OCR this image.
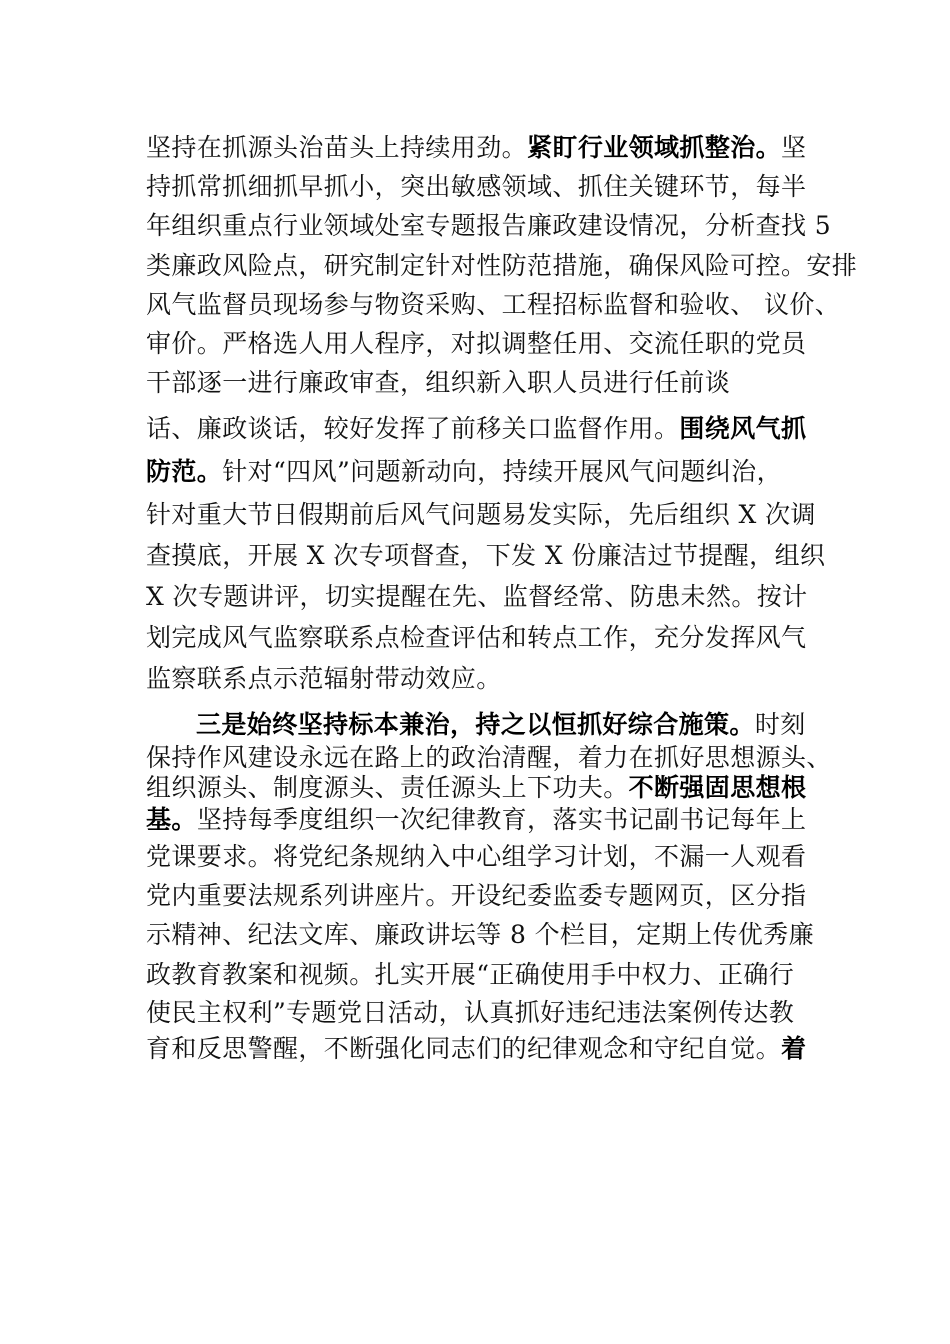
坚持在抓源头治苗头上持续用劲。紧盯行业领域抓整治。坚
持抓常抓细抓早抓小，突出敏感领域、抓住关键环节，每半
年组织重点行业领域处室专题报告廉政建设情况，分析查找 5
类廉政风险点，研究制定针对性防范措施，确保风险可控。安排
风气监督员现场参与物资采购、工程招标监督和验收、 议价、
审价。严格选人用人程序，对拟调整任用、交流任职的党员
干部逐一进行廉政审查，组织新入职人员进行任前谈
话、廉政谈话，较好发挥了前移关口监督作用。围绕风气抓
防范。针对“四风”问题新动向，持续开展风气问题纠治，
针对重大节日假期前后风气问题易发实际，先后组织 X 次调
查摸底，开展 X 次专项督查，下发 X 份廉洁过节提醒，组织
X 次专题讲评，切实提醒在先、监督经常、防患未然。按计
划完成风气监察联系点检查评估和转点工作，充分发挥风气
监察联系点示范辐射带动效应。
三是始终坚持标本兼治，持之以恒抓好综合施策。时刻
保持作风建设永远在路上的政治清醒，着力在抓好思想源头、
组织源头、制度源头、责任源头上下功夫。不断强固思想根
基。坚持每季度组织一次纪律教育，落实书记副书记每年上
党课要求。将党纪条规纳入中心组学习计划，不漏一人观看
党内重要法规系列讲座片。开设纪委监委专题网页，区分指
示精神、纪法文库、廉政讲坛等 8 个栏目，定期上传优秀廉
政教育教案和视频。扎实开展“正确使用手中权力、正确行
使民主权利”专题党日活动，认真抓好违纪违法案例传达教
育和反思警醒，不断强化同志们的纪律观念和守纪自觉。着
